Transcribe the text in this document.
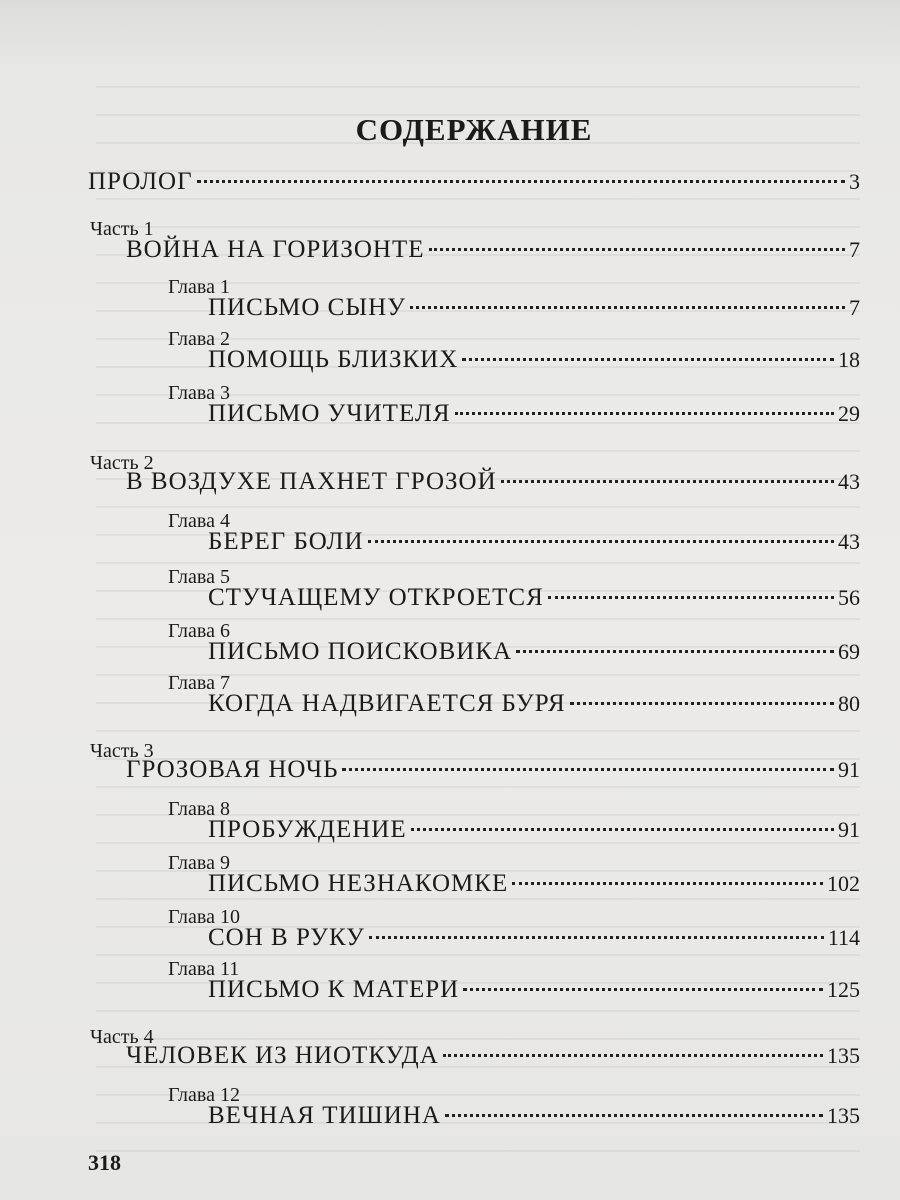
СОДЕРЖАНИЕ
ПРОЛОГ	3
Часть 1
ВОЙНА НА ГОРИЗОНТЕ	7
Глава 1
ПИСЬМО СЫНУ	7
Глава 2
ПОМОЩЬ БЛИЗКИХ	18
Глава 3
ПИСЬМО УЧИТЕЛЯ	29
Часть 2
В ВОЗДУХЕ ПАХНЕТ ГРОЗОЙ	43
Глава 4
БЕРЕГ БОЛИ	43
Глава 5
СТУЧАЩЕМУ ОТКРОЕТСЯ	56
Глава 6
ПИСЬМО ПОИСКОВИКА	69
Глава 7
КОГДА НАДВИГАЕТСЯ БУРЯ	80
Часть 3
ГРОЗОВАЯ НОЧЬ	91
Глава 8
ПРОБУЖДЕНИЕ	91
Глава 9
ПИСЬМО НЕЗНАКОМКЕ	102
Глава 10
СОН В РУКУ	114
Глава 11
ПИСЬМО К МАТЕРИ	125
Часть 4
ЧЕЛОВЕК ИЗ НИОТКУДА	135
Глава 12
ВЕЧНАЯ ТИШИНА	135
318
